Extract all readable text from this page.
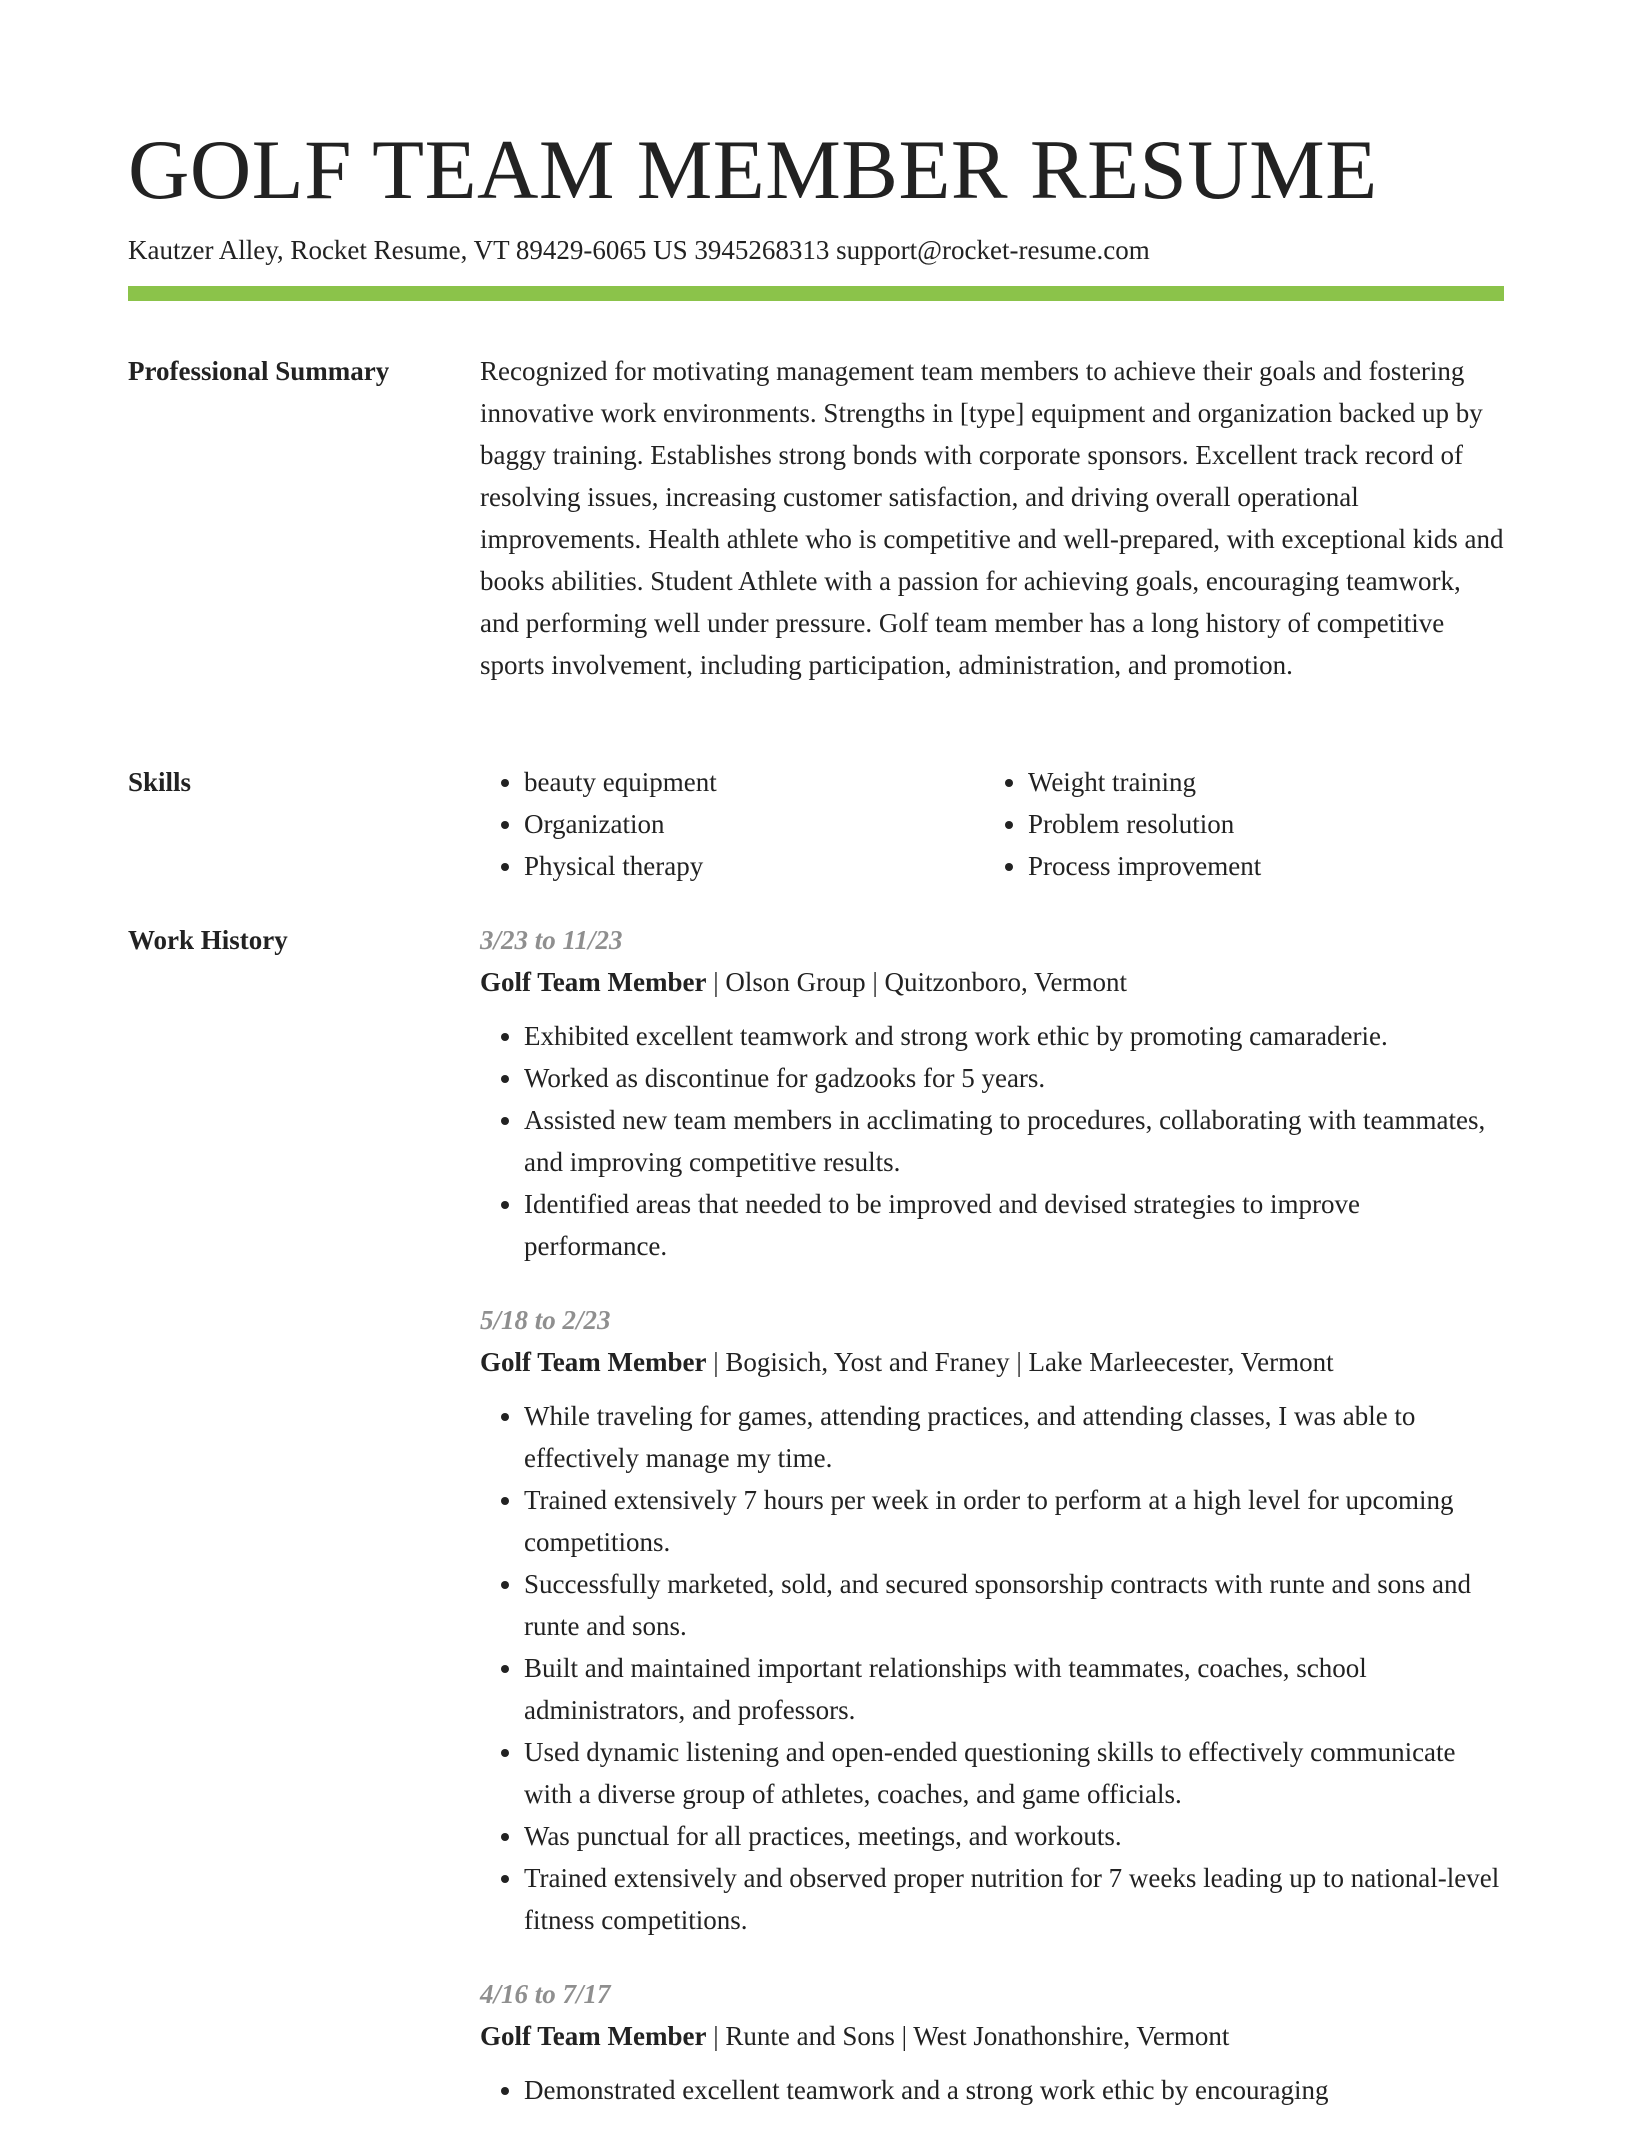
GOLF TEAM MEMBER RESUME
Kautzer Alley, Rocket Resume, VT 89429-6065 US 3945268313 support@rocket-resume.com
Professional Summary	Recognized for motivating management team members to achieve their goals and fostering innovative work environments. Strengths in [type] equipment and organization backed up by baggy training. Establishes strong bonds with corporate sponsors. Excellent track record of resolving issues, increasing customer satisfaction, and driving overall operational improvements. Health athlete who is competitive and well-prepared, with exceptional kids and books abilities. Student Athlete with a passion for achieving goals, encouraging teamwork, and performing well under pressure. Golf team member has a long history of competitive sports involvement, including participation, administration, and promotion.

Skills
•	beauty equipment
• Organization
• Physical therapy
• Weight training
• Problem resolution
• Process improvement
Work History	3/23 to 11/23
Golf Team Member | Olson Group | Quitzonboro, Vermont
• Exhibited excellent teamwork and strong work ethic by promoting camaraderie.
• Worked as discontinue for gadzooks for 5 years.
• Assisted new team members in acclimating to procedures, collaborating with teammates, and improving competitive results.
• Identified areas that needed to be improved and devised strategies to improve performance.
5/18 to 2/23
Golf Team Member | Bogisich, Yost and Franey | Lake Marleecester, Vermont
• While traveling for games, attending practices, and attending classes, I was able to effectively manage my time.
• Trained extensively 7 hours per week in order to perform at a high level for upcoming competitions.
• Successfully marketed, sold, and secured sponsorship contracts with runte and sons and runte and sons.
• Built and maintained important relationships with teammates, coaches, school administrators, and professors.
• Used dynamic listening and open-ended questioning skills to effectively communicate with a diverse group of athletes, coaches, and game officials.
• Was punctual for all practices, meetings, and workouts.
• Trained extensively and observed proper nutrition for 7 weeks leading up to national-level fitness competitions.
4/16 to 7/17
Golf Team Member | Runte and Sons | West Jonathonshire, Vermont
• Demonstrated excellent teamwork and a strong work ethic by encouraging
